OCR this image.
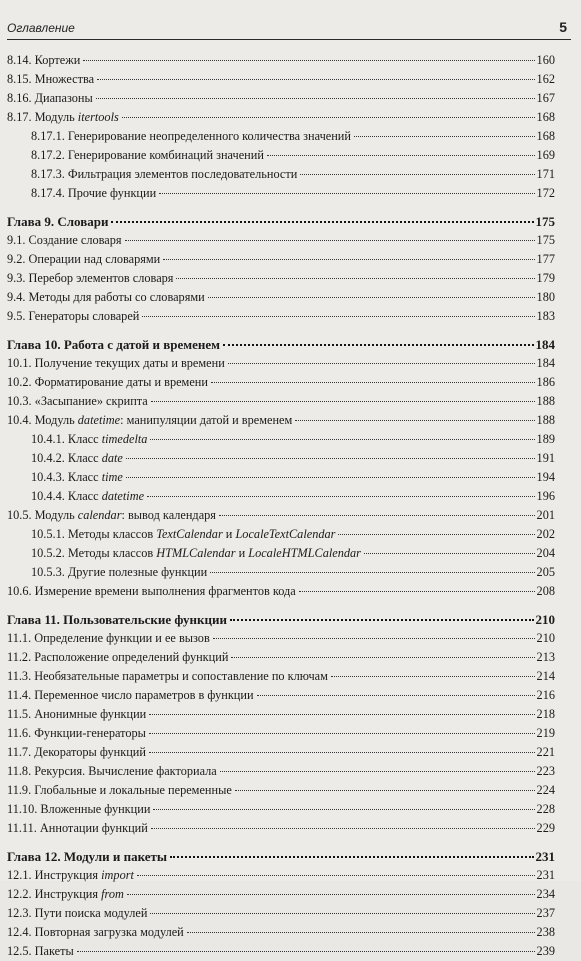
Оглавление	5
8.14. Кортежи	160
8.15. Множества	162
8.16. Диапазоны	167
8.17. Модуль itertools	168
8.17.1. Генерирование неопределенного количества значений	168
8.17.2. Генерирование комбинаций значений	169
8.17.3. Фильтрация элементов последовательности	171
8.17.4. Прочие функции	172
Глава 9. Словари	175
9.1. Создание словаря	175
9.2. Операции над словарями	177
9.3. Перебор элементов словаря	179
9.4. Методы для работы со словарями	180
9.5. Генераторы словарей	183
Глава 10. Работа с датой и временем	184
10.1. Получение текущих даты и времени	184
10.2. Форматирование даты и времени	186
10.3. «Засыпание» скрипта	188
10.4. Модуль datetime: манипуляции датой и временем	188
10.4.1. Класс timedelta	189
10.4.2. Класс date	191
10.4.3. Класс time	194
10.4.4. Класс datetime	196
10.5. Модуль calendar: вывод календаря	201
10.5.1. Методы классов TextCalendar и LocaleTextCalendar	202
10.5.2. Методы классов HTMLCalendar и LocaleHTMLCalendar	204
10.5.3. Другие полезные функции	205
10.6. Измерение времени выполнения фрагментов кода	208
Глава 11. Пользовательские функции	210
11.1. Определение функции и ее вызов	210
11.2. Расположение определений функций	213
11.3. Необязательные параметры и сопоставление по ключам	214
11.4. Переменное число параметров в функции	216
11.5. Анонимные функции	218
11.6. Функции-генераторы	219
11.7. Декораторы функций	221
11.8. Рекурсия. Вычисление факториала	223
11.9. Глобальные и локальные переменные	224
11.10. Вложенные функции	228
11.11. Аннотации функций	229
Глава 12. Модули и пакеты	231
12.1. Инструкция import	231
12.2. Инструкция from	234
12.3. Пути поиска модулей	237
12.4. Повторная загрузка модулей	238
12.5. Пакеты	239
